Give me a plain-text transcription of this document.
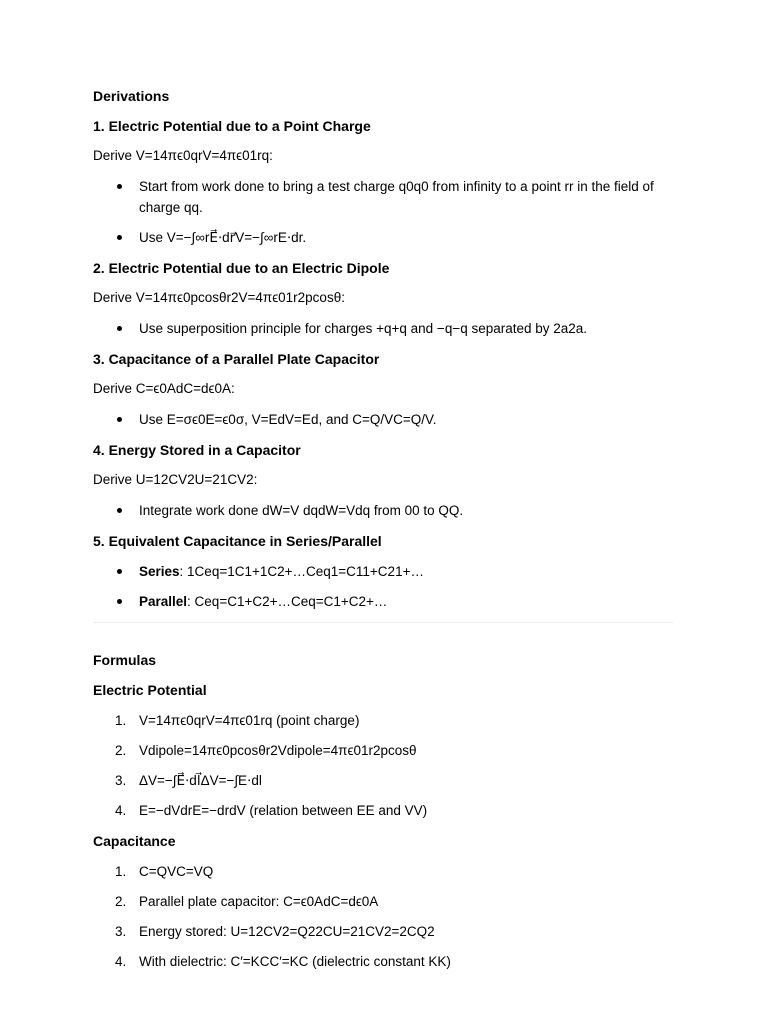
Derivations
1. Electric Potential due to a Point Charge
Derive V=14πϵ0qrV=4πϵ01rq:
Start from work done to bring a test charge q0q0 from infinity to a point rr in the field of charge qq.
Use V=−∫∞rE⃗⋅dr⃗V=−∫∞rE⋅dr.
2. Electric Potential due to an Electric Dipole
Derive V=14πϵ0pcosθr2V=4πϵ01r2pcosθ:
Use superposition principle for charges +q+q and −q−q separated by 2a2a.
3. Capacitance of a Parallel Plate Capacitor
Derive C=ϵ0AdC=dϵ0A:
Use E=σϵ0E=ϵ0σ, V=EdV=Ed, and C=Q/VC=Q/V.
4. Energy Stored in a Capacitor
Derive U=12CV2U=21CV2:
Integrate work done dW=V dqdW=Vdq from 00 to QQ.
5. Equivalent Capacitance in Series/Parallel
Series: 1Ceq=1C1+1C2+…Ceq1=C11+C21+…
Parallel: Ceq=C1+C2+…Ceq=C1+C2+…
Formulas
Electric Potential
1. V=14πϵ0qrV=4πϵ01rq (point charge)
2. Vdipole=14πϵ0pcosθr2Vdipole=4πϵ01r2pcosθ
3. ΔV=−∫E⃗⋅dl⃗ΔV=−∫E⋅dl
4. E=−dVdrE=−drdV (relation between EE and VV)
Capacitance
1. C=QVC=VQ
2. Parallel plate capacitor: C=ϵ0AdC=dϵ0A
3. Energy stored: U=12CV2=Q22CU=21CV2=2CQ2
4. With dielectric: C′=KCC′=KC (dielectric constant KK)
